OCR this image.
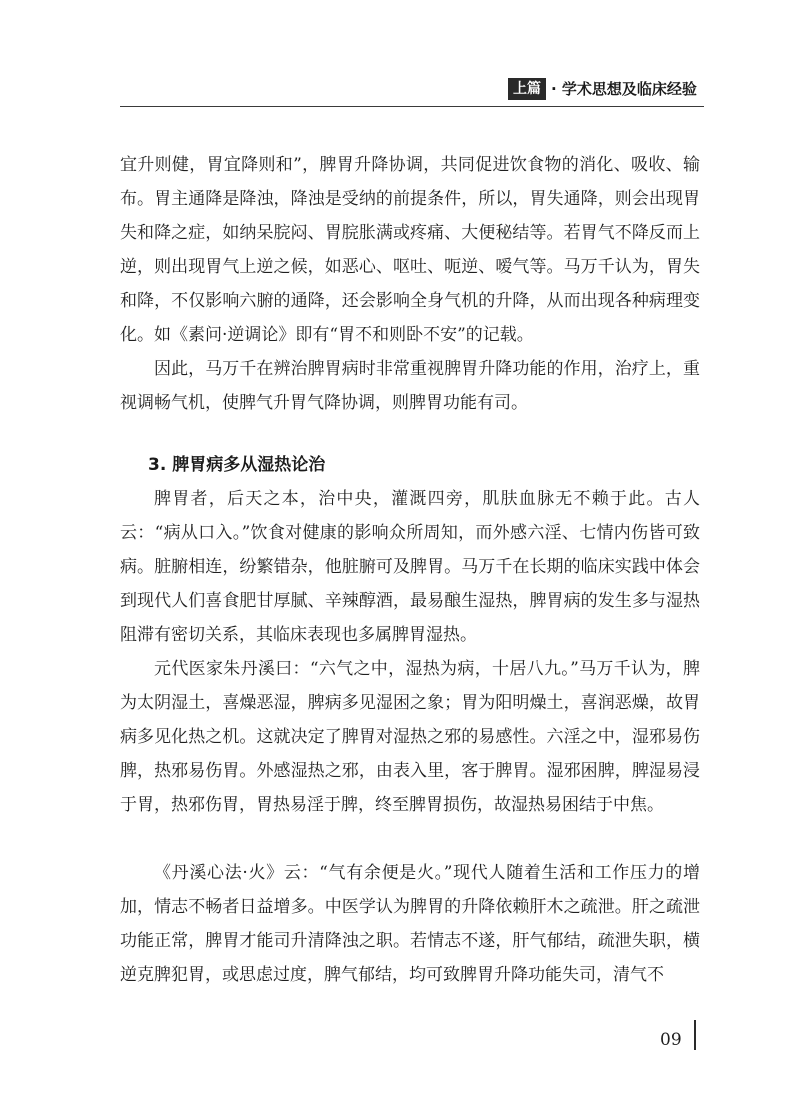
上篇 · 学术思想及临床经验

宜升则健，胃宜降则和”，脾胃升降协调，共同促进饮食物的消化、吸收、输布。胃主通降是降浊，降浊是受纳的前提条件，所以，胃失通降，则会出现胃失和降之症，如纳呆脘闷、胃脘胀满或疼痛、大便秘结等。若胃气不降反而上逆，则出现胃气上逆之候，如恶心、呕吐、呃逆、嗳气等。马万千认为，胃失和降，不仅影响六腑的通降，还会影响全身气机的升降，从而出现各种病理变化。如《素问·逆调论》即有“胃不和则卧不安”的记载。

因此，马万千在辨治脾胃病时非常重视脾胃升降功能的作用，治疗上，重视调畅气机，使脾气升胃气降协调，则脾胃功能有司。

3. 脾胃病多从湿热论治

脾胃者，后天之本，治中央，灌溉四旁，肌肤血脉无不赖于此。古人云：“病从口入。”饮食对健康的影响众所周知，而外感六淫、七情内伤皆可致病。脏腑相连，纷繁错杂，他脏腑可及脾胃。马万千在长期的临床实践中体会到现代人们喜食肥甘厚腻、辛辣醇酒，最易酿生湿热，脾胃病的发生多与湿热阻滞有密切关系，其临床表现也多属脾胃湿热。

元代医家朱丹溪曰：“六气之中，湿热为病，十居八九。”马万千认为，脾为太阴湿土，喜燥恶湿，脾病多见湿困之象；胃为阳明燥土，喜润恶燥，故胃病多见化热之机。这就决定了脾胃对湿热之邪的易感性。六淫之中，湿邪易伤脾，热邪易伤胃。外感湿热之邪，由表入里，客于脾胃。湿邪困脾，脾湿易浸于胃，热邪伤胃，胃热易淫于脾，终至脾胃损伤，故湿热易困结于中焦。

《丹溪心法·火》云：“气有余便是火。”现代人随着生活和工作压力的增加，情志不畅者日益增多。中医学认为脾胃的升降依赖肝木之疏泄。肝之疏泄功能正常，脾胃才能司升清降浊之职。若情志不遂，肝气郁结，疏泄失职，横逆克脾犯胃，或思虑过度，脾气郁结，均可致脾胃升降功能失司，清气不

09
